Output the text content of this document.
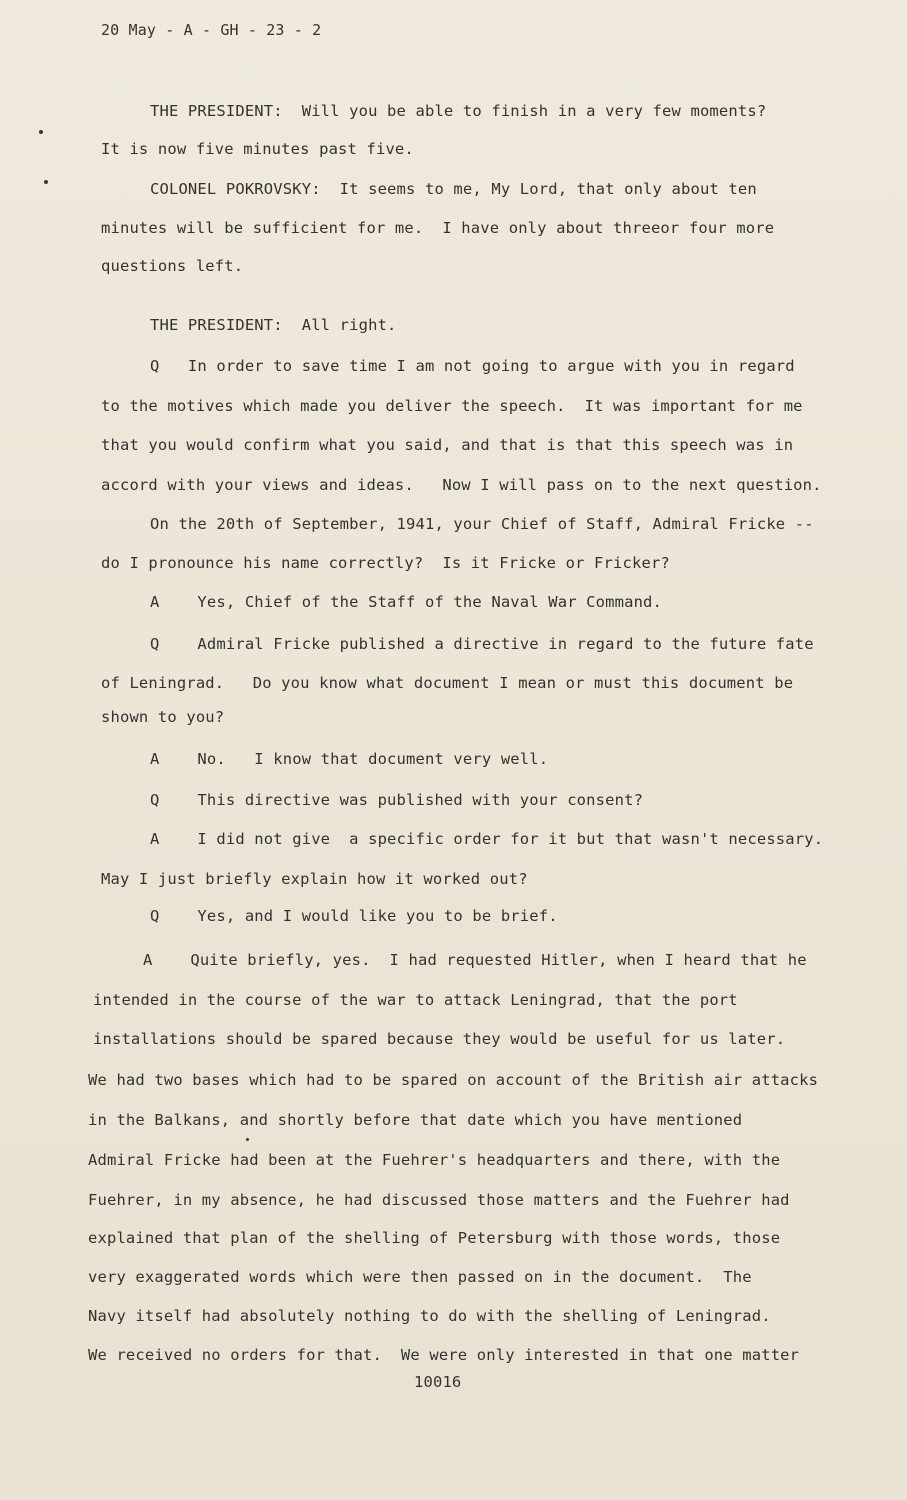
20 May - A - GH - 23 - 2
THE PRESIDENT:  Will you be able to finish in a very few moments?
It is now five minutes past five.
COLONEL POKROVSKY:  It seems to me, My Lord, that only about ten
minutes will be sufficient for me.  I have only about threeor four more
questions left.
THE PRESIDENT:  All right.
Q   In order to save time I am not going to argue with you in regard
to the motives which made you deliver the speech.  It was important for me
that you would confirm what you said, and that is that this speech was in
accord with your views and ideas.   Now I will pass on to the next question.
On the 20th of September, 1941, your Chief of Staff, Admiral Fricke --
do I pronounce his name correctly?  Is it Fricke or Fricker?
A    Yes, Chief of the Staff of the Naval War Command.
Q    Admiral Fricke published a directive in regard to the future fate
of Leningrad.   Do you know what document I mean or must this document be
shown to you?
A    No.   I know that document very well.
Q    This directive was published with your consent?
A    I did not give  a specific order for it but that wasn't necessary.
May I just briefly explain how it worked out?
Q    Yes, and I would like you to be brief.
A    Quite briefly, yes.  I had requested Hitler, when I heard that he
intended in the course of the war to attack Leningrad, that the port
installations should be spared because they would be useful for us later.
We had two bases which had to be spared on account of the British air attacks
in the Balkans, and shortly before that date which you have mentioned
Admiral Fricke had been at the Fuehrer's headquarters and there, with the
Fuehrer, in my absence, he had discussed those matters and the Fuehrer had
explained that plan of the shelling of Petersburg with those words, those
very exaggerated words which were then passed on in the document.  The
Navy itself had absolutely nothing to do with the shelling of Leningrad.
We received no orders for that.  We were only interested in that one matter
10016
